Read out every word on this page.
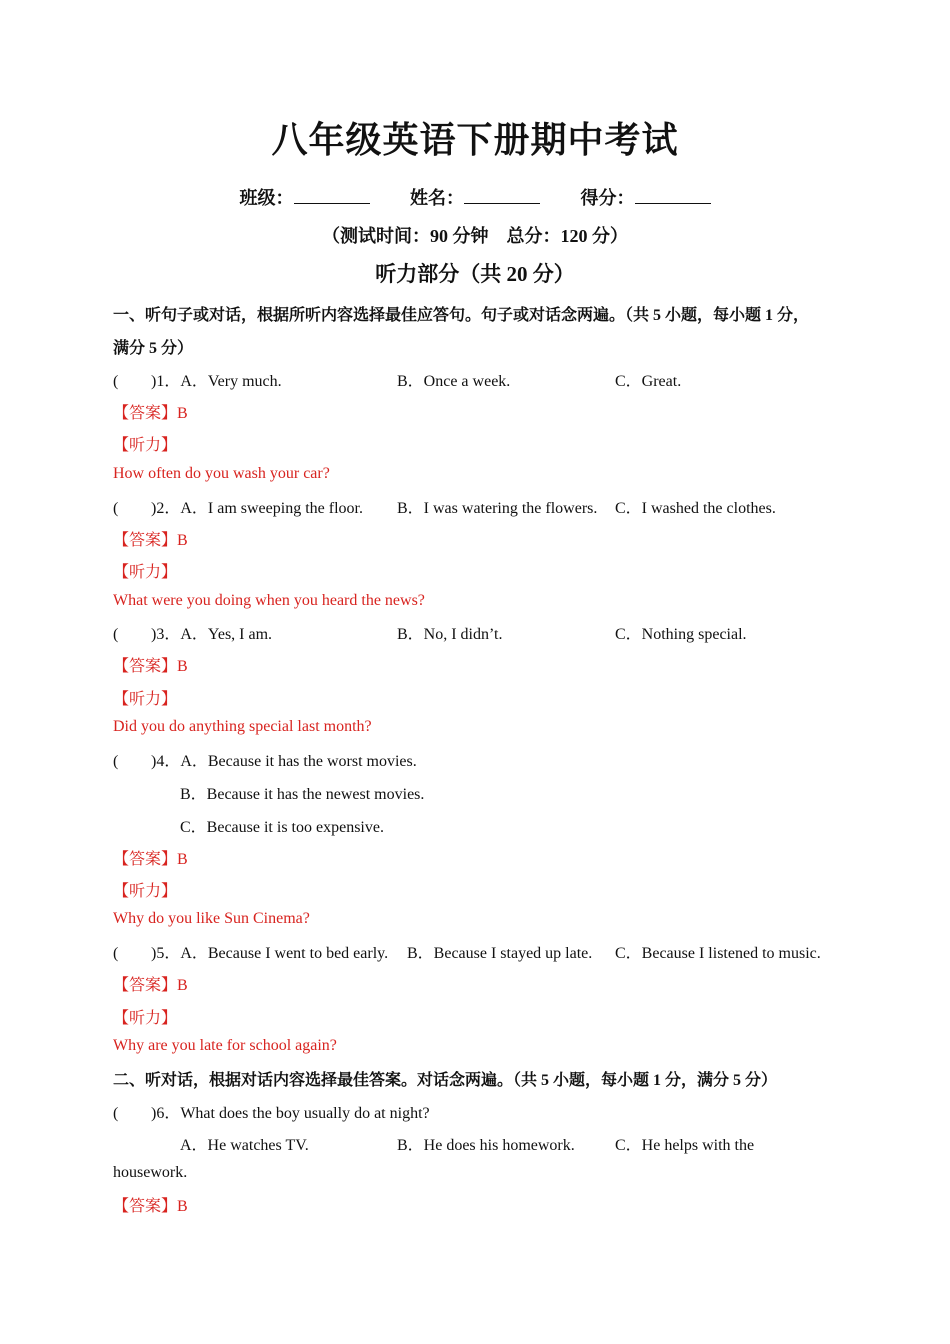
八年级英语下册期中考试
班级：	姓名：	得分：
（测试时间：90 分钟　总分：120 分）
听力部分（共 20 分）
一、听句子或对话，根据所听内容选择最佳应答句。句子或对话念两遍。（共 5 小题，每小题 1 分，
满分 5 分）
( )1．A．Very much.	B．Once a week.	C．Great.
【答案】B
【听力】
How often do you wash your car?
( )2．A．I am sweeping the floor. B．I was watering the flowers. C．I washed the clothes.
【答案】B
【听力】
What were you doing when you heard the news?
( )3．A．Yes, I am.	B．No, I didn’t.	C．Nothing special.
【答案】B
【听力】
Did you do anything special last month?
( )4．A．Because it has the worst movies.
B．Because it has the newest movies.
C．Because it is too expensive.
【答案】B
【听力】
Why do you like Sun Cinema?
( )5．A．Because I went to bed early. B．Because I stayed up late. C．Because I listened to music.
【答案】B
【听力】
Why are you late for school again?
二、听对话，根据对话内容选择最佳答案。对话念两遍。（共 5 小题，每小题 1 分，满分 5 分）
( )6．What does the boy usually do at night?
A．He watches TV.	B．He does his homework.	C．He helps with the
housework.
【答案】B
